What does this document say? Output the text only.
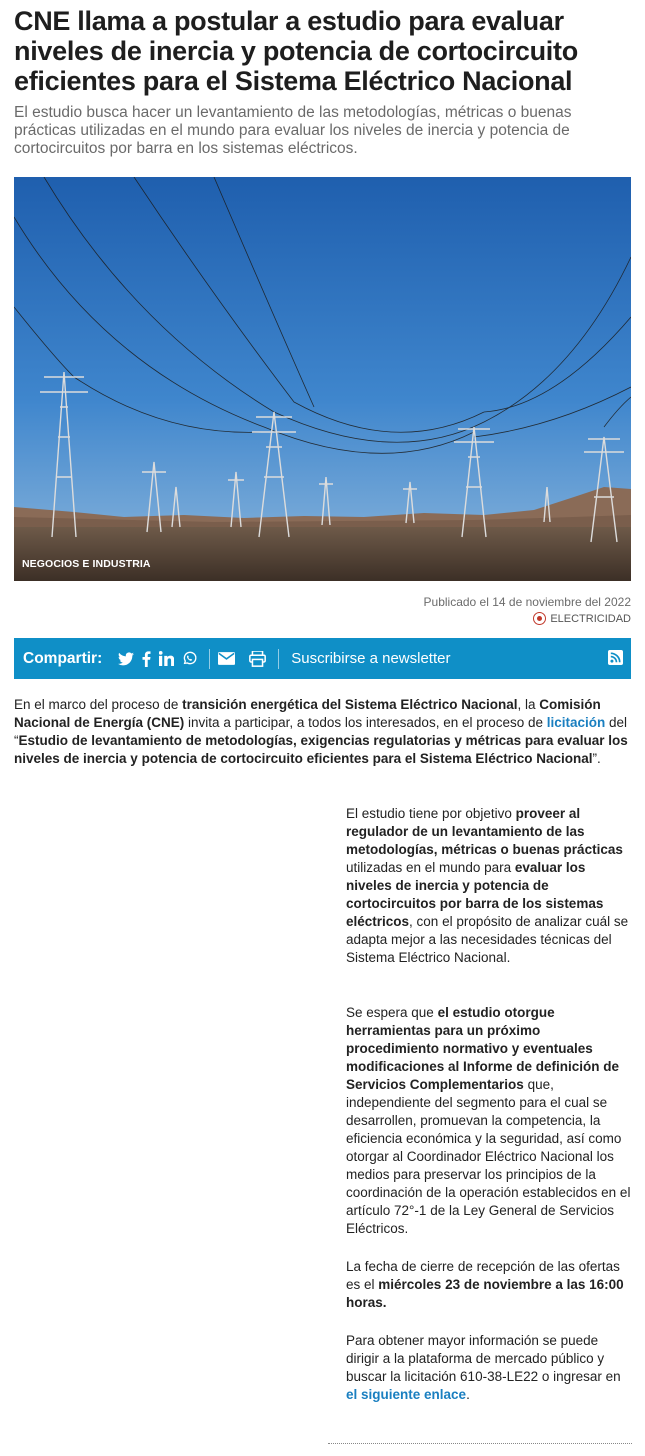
CNE llama a postular a estudio para evaluar niveles de inercia y potencia de cortocircuito eficientes para el Sistema Eléctrico Nacional

El estudio busca hacer un levantamiento de las metodologías, métricas o buenas prácticas utilizadas en el mundo para evaluar los niveles de inercia y potencia de cortocircuitos por barra en los sistemas eléctricos.

NEGOCIOS E INDUSTRIA
Publicado el 14 de noviembre del 2022
ELECTRICIDAD
Compartir:	Suscribirse a newsletter

En el marco del proceso de transición energética del Sistema Eléctrico Nacional, la Comisión Nacional de Energía (CNE) invita a participar, a todos los interesados, en el proceso de licitación del “Estudio de levantamiento de metodologías, exigencias regulatorias y métricas para evaluar los niveles de inercia y potencia de cortocircuito eficientes para el Sistema Eléctrico Nacional”.

El estudio tiene por objetivo proveer al regulador de un levantamiento de las metodologías, métricas o buenas prácticas utilizadas en el mundo para evaluar los niveles de inercia y potencia de cortocircuitos por barra de los sistemas eléctricos, con el propósito de analizar cuál se adapta mejor a las necesidades técnicas del Sistema Eléctrico Nacional.

Se espera que el estudio otorgue herramientas para un próximo procedimiento normativo y eventuales modificaciones al Informe de definición de Servicios Complementarios que, independiente del segmento para el cual se desarrollen, promuevan la competencia, la eficiencia económica y la seguridad, así como otorgar al Coordinador Eléctrico Nacional los medios para preservar los principios de la coordinación de la operación establecidos en el artículo 72°-1 de la Ley General de Servicios Eléctricos.

La fecha de cierre de recepción de las ofertas es el miércoles 23 de noviembre a las 16:00 horas.

Para obtener mayor información se puede dirigir a la plataforma de mercado público y buscar la licitación 610-38-LE22 o ingresar en el siguiente enlace.
